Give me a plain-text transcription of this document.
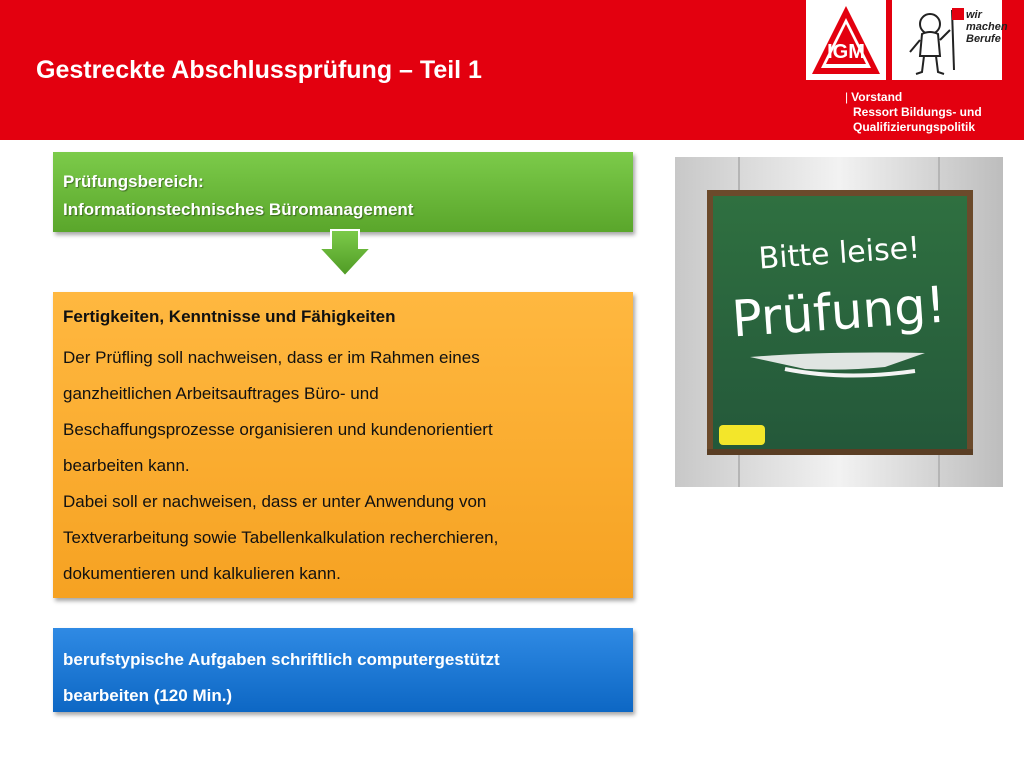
Gestreckte Abschlussprüfung – Teil 1
IGM
wir
machen
Berufe
| Vorstand
Ressort Bildungs- und
Qualifizierungspolitik
Prüfungsbereich:
Informationstechnisches Büromanagement
Fertigkeiten, Kenntnisse und Fähigkeiten
Der Prüfling soll nachweisen, dass er im Rahmen eines
ganzheitlichen Arbeitsauftrages Büro- und
Beschaffungsprozesse organisieren und kundenorientiert
bearbeiten kann.
Dabei soll er nachweisen, dass er unter Anwendung von
Textverarbeitung sowie Tabellenkalkulation recherchieren,
dokumentieren und kalkulieren kann.
berufstypische Aufgaben schriftlich computergestützt
bearbeiten (120 Min.)
Bitte leise!
Prüfung!
